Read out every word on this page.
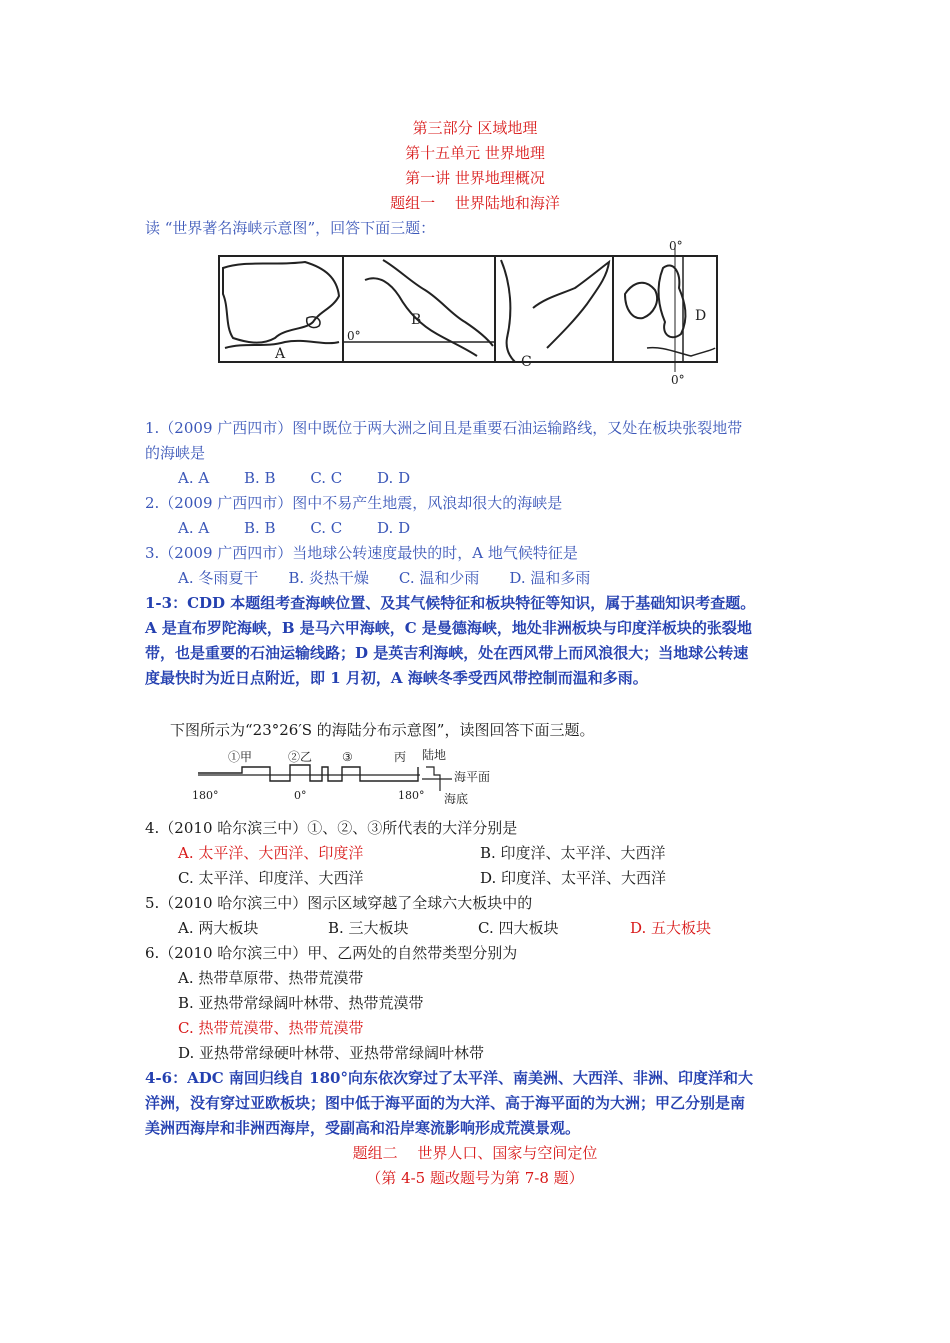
第三部分 区域地理
第十五单元 世界地理
第一讲 世界地理概况
题组一　 世界陆地和海洋
读 “世界著名海峡示意图”，回答下面三题：
A
B
C
D
0°
0°
0°
1.（2009 广西四市）图中既位于两大洲之间且是重要石油运输路线，又处在板块张裂地带
的海峡是
A. A　　 B. B　　 C. C　　 D. D
2.（2009 广西四市）图中不易产生地震，风浪却很大的海峡是
A. A　　 B. B　　 C. C　　 D. D
3.（2009 广西四市）当地球公转速度最快的时，A 地气候特征是
A. 冬雨夏干　　B. 炎热干燥　　C. 温和少雨　　D. 温和多雨
1-3：CDD 本题组考查海峡位置、及其气候特征和板块特征等知识，属于基础知识考查题。
A 是直布罗陀海峡，B 是马六甲海峡，C 是曼德海峡，地处非洲板块与印度洋板块的张裂地
带，也是重要的石油运输线路；D 是英吉利海峡，处在西风带上而风浪很大；当地球公转速
度最快时为近日点附近，即 1 月初，A 海峡冬季受西风带控制而温和多雨。
下图所示为“23°26′S 的海陆分布示意图”，读图回答下面三题。
①甲	②乙 ③	丙 陆地
海平面
海底
180°	0°	180°
4.（2010 哈尔滨三中）①、②、③所代表的大洋分别是
A. 太平洋、大西洋、印度洋	B. 印度洋、太平洋、大西洋
C. 太平洋、印度洋、大西洋	D. 印度洋、太平洋、大西洋
5.（2010 哈尔滨三中）图示区域穿越了全球六大板块中的
A. 两大板块	B. 三大板块	C. 四大板块	D. 五大板块
6.（2010 哈尔滨三中）甲、乙两处的自然带类型分别为
A. 热带草原带、热带荒漠带
B. 亚热带常绿阔叶林带、热带荒漠带
C. 热带荒漠带、热带荒漠带
D. 亚热带常绿硬叶林带、亚热带常绿阔叶林带
4-6：ADC 南回归线自 180°向东依次穿过了太平洋、南美洲、大西洋、非洲、印度洋和大
洋洲，没有穿过亚欧板块；图中低于海平面的为大洋、高于海平面的为大洲；甲乙分别是南
美洲西海岸和非洲西海岸，受副高和沿岸寒流影响形成荒漠景观。
题组二　 世界人口、国家与空间定位
（第 4-5 题改题号为第 7-8 题）
